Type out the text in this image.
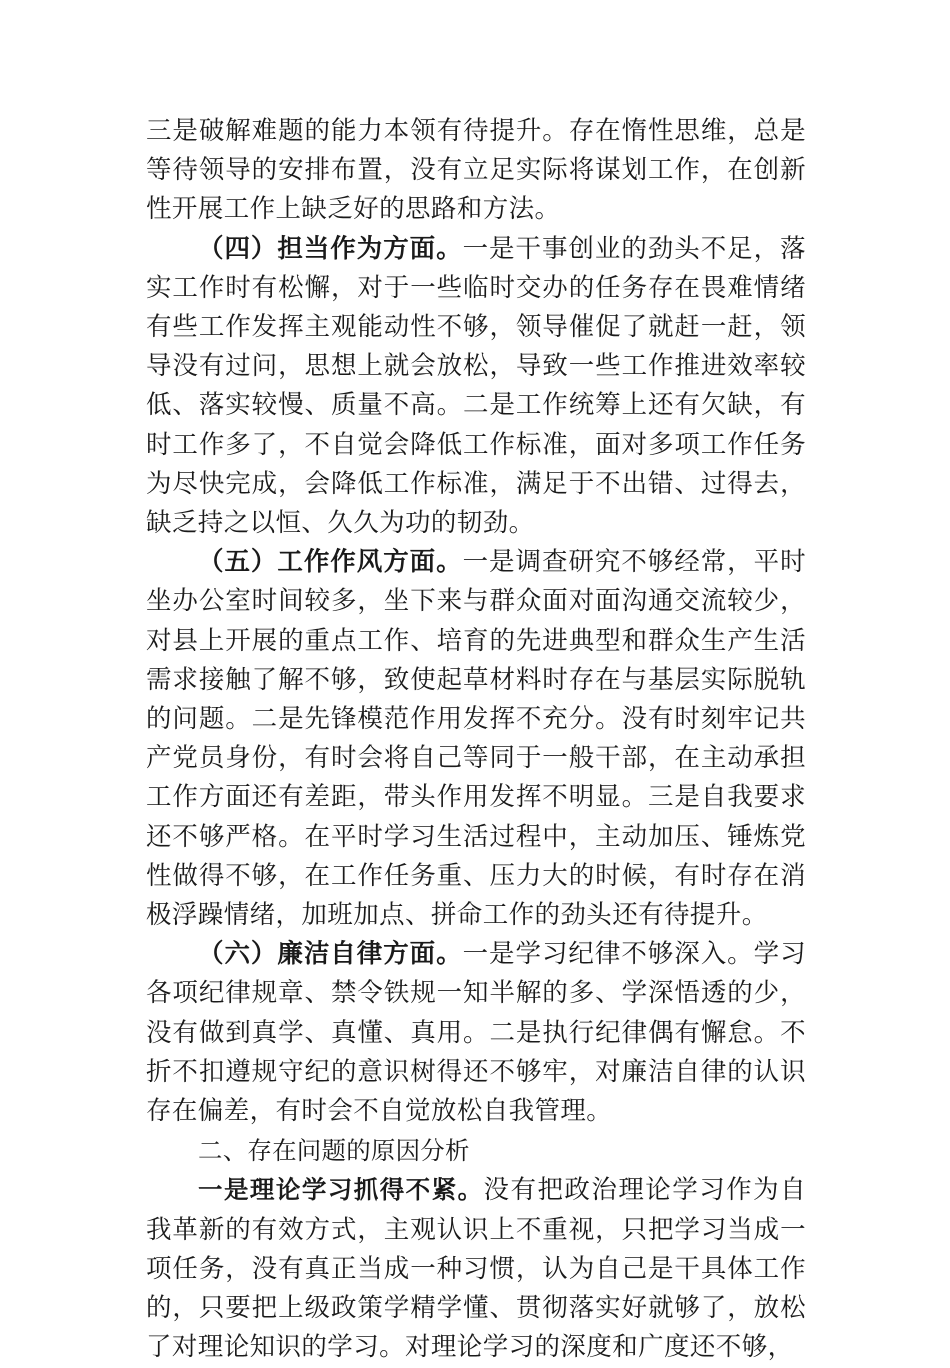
三是破解难题的能力本领有待提升。存在惰性思维，总是等待领导的安排布置，没有立足实际将谋划工作，在创新性开展工作上缺乏好的思路和方法。

（四）担当作为方面。一是干事创业的劲头不足，落实工作时有松懈，对于一些临时交办的任务存在畏难情绪有些工作发挥主观能动性不够，领导催促了就赶一赶，领导没有过问，思想上就会放松，导致一些工作推进效率较低、落实较慢、质量不高。二是工作统筹上还有欠缺，有时工作多了，不自觉会降低工作标准，面对多项工作任务为尽快完成，会降低工作标准，满足于不出错、过得去，缺乏持之以恒、久久为功的韧劲。

（五）工作作风方面。一是调查研究不够经常，平时坐办公室时间较多，坐下来与群众面对面沟通交流较少，对县上开展的重点工作、培育的先进典型和群众生产生活需求接触了解不够，致使起草材料时存在与基层实际脱轨的问题。二是先锋模范作用发挥不充分。没有时刻牢记共产党员身份，有时会将自己等同于一般干部，在主动承担工作方面还有差距，带头作用发挥不明显。三是自我要求还不够严格。在平时学习生活过程中，主动加压、锤炼党性做得不够，在工作任务重、压力大的时候，有时存在消极浮躁情绪，加班加点、拼命工作的劲头还有待提升。

（六）廉洁自律方面。一是学习纪律不够深入。学习各项纪律规章、禁令铁规一知半解的多、学深悟透的少，没有做到真学、真懂、真用。二是执行纪律偶有懈怠。不折不扣遵规守纪的意识树得还不够牢，对廉洁自律的认识存在偏差，有时会不自觉放松自我管理。

二、存在问题的原因分析

一是理论学习抓得不紧。没有把政治理论学习作为自我革新的有效方式，主观认识上不重视，只把学习当成一项任务，没有真正当成一种习惯，认为自己是干具体工作的，只要把上级政策学精学懂、贯彻落实好就够了，放松了对理论知识的学习。对理论学习的深度和广度还不够，
